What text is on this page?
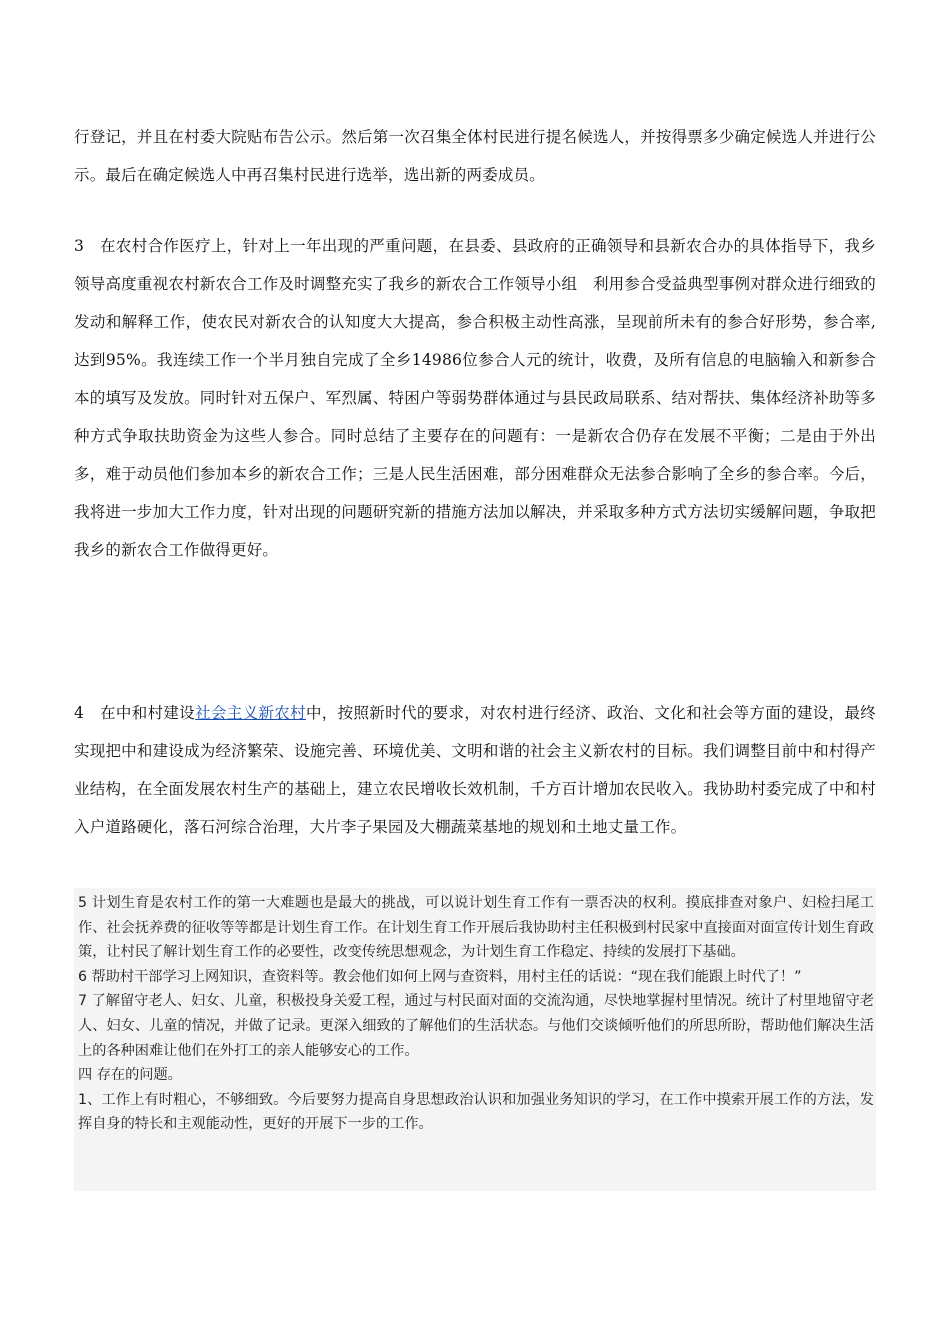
行登记，并且在村委大院贴布告公示。然后第一次召集全体村民进行提名候选人，并按得票多少确定候选人并进行公示。最后在确定候选人中再召集村民进行选举，选出新的两委成员。

3　在农村合作医疗上，针对上一年出现的严重问题，在县委、县政府的正确领导和县新农合办的具体指导下，我乡领导高度重视农村新农合工作及时调整充实了我乡的新农合工作领导小组　利用参合受益典型事例对群众进行细致的发动和解释工作，使农民对新农合的认知度大大提高，参合积极主动性高涨，呈现前所未有的参合好形势，参合率,达到95%。我连续工作一个半月独自完成了全乡14986位参合人元的统计，收费，及所有信息的电脑输入和新参合本的填写及发放。同时针对五保户、军烈属、特困户等弱势群体通过与县民政局联系、结对帮扶、集体经济补助等多种方式争取扶助资金为这些人参合。同时总结了主要存在的问题有：一是新农合仍存在发展不平衡；二是由于外出多，难于动员他们参加本乡的新农合工作；三是人民生活困难，部分困难群众无法参合影响了全乡的参合率。今后，我将进一步加大工作力度，针对出现的问题研究新的措施方法加以解决，并采取多种方式方法切实缓解问题，争取把我乡的新农合工作做得更好。

4　在中和村建设社会主义新农村中，按照新时代的要求，对农村进行经济、政治、文化和社会等方面的建设，最终实现把中和建设成为经济繁荣、设施完善、环境优美、文明和谐的社会主义新农村的目标。我们调整目前中和村得产业结构，在全面发展农村生产的基础上，建立农民增收长效机制，千方百计增加农民收入。我协助村委完成了中和村入户道路硬化，落石河综合治理，大片李子果园及大棚蔬菜基地的规划和土地丈量工作。

5 计划生育是农村工作的第一大难题也是最大的挑战，可以说计划生育工作有一票否决的权利。摸底排查对象户、妇检扫尾工作、社会抚养费的征收等等都是计划生育工作。在计划生育工作开展后我协助村主任积极到村民家中直接面对面宣传计划生育政策，让村民了解计划生育工作的必要性，改变传统思想观念，为计划生育工作稳定、持续的发展打下基础。

6 帮助村干部学习上网知识，查资料等。教会他们如何上网与查资料，用村主任的话说：“现在我们能跟上时代了！”

7 了解留守老人、妇女、儿童，积极投身关爱工程，通过与村民面对面的交流沟通，尽快地掌握村里情况。统计了村里地留守老人、妇女、儿童的情况，并做了记录。更深入细致的了解他们的生活状态。与他们交谈倾听他们的所思所盼，帮助他们解决生活上的各种困难让他们在外打工的亲人能够安心的工作。

四 存在的问题。

1、工作上有时粗心，不够细致。今后要努力提高自身思想政治认识和加强业务知识的学习，在工作中摸索开展工作的方法，发挥自身的特长和主观能动性，更好的开展下一步的工作。
